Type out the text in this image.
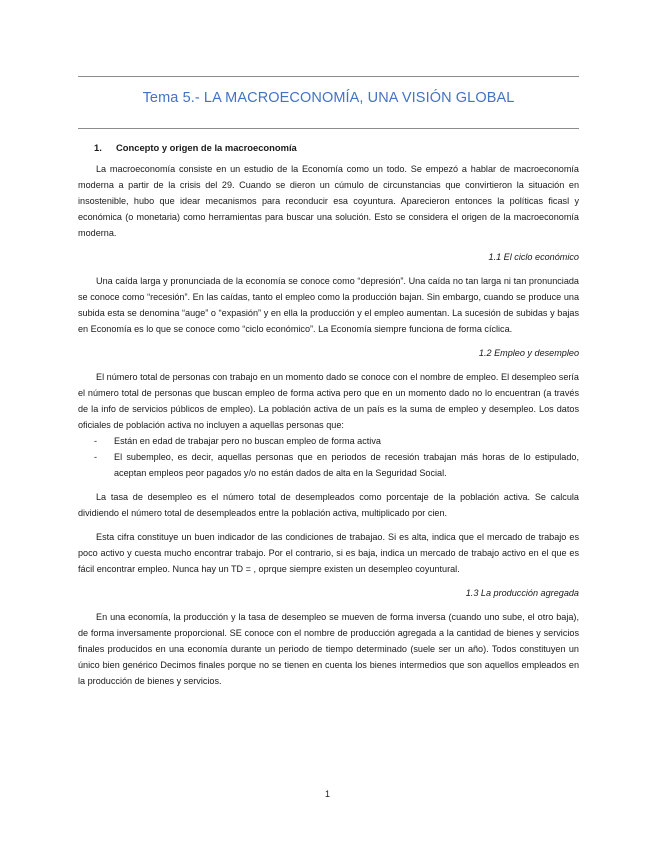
Tema 5.- LA MACROECONOMÍA, UNA VISIÓN GLOBAL
1.	Concepto y origen de la macroeconomía

La macroeconomía consiste en un estudio de la Economía como un todo. Se empezó a hablar de macroeconomía moderna a partir de la crisis del 29. Cuando se dieron un cúmulo de circunstancias que convirtieron la situación en insostenible, hubo que idear mecanismos para reconducir esa coyuntura. Aparecieron entonces la políticas ficasl y económica (o monetaria) como herramientas para buscar una solución. Esto se considera el origen de la macroeconomía moderna.

1.1 El ciclo económico

Una caída larga y pronunciada de la economía se conoce como “depresión”. Una caída no tan larga ni tan pronunciada se conoce como “recesión”. En las caídas, tanto el empleo como la producción bajan. Sin embargo, cuando se produce una subida esta se denomina “auge” o “expasión” y en ella la producción y el empleo aumentan. La sucesión de subidas y bajas en Economía es lo que se conoce como “ciclo económico”. La Economía siempre funciona de forma cíclica.

1.2 Empleo y desempleo

El número total de personas con trabajo en un momento dado se conoce con el nombre de empleo. El desempleo sería el número total de personas que buscan empleo de forma activa pero que en un momento dado no lo encuentran (a través de la info de servicios públicos de empleo). La población activa de un país es la suma de empleo y desempleo. Los datos oficiales de población activa no incluyen a aquellas personas que:

- Están en edad de trabajar pero no buscan empleo de forma activa
- El subempleo, es decir, aquellas personas que en periodos de recesión trabajan más horas de lo estipulado, aceptan empleos peor pagados y/o no están dados de alta en la Seguridad Social.

La tasa de desempleo es el número total de desempleados como porcentaje de la población activa. Se calcula dividiendo el número total de desempleados entre la población activa, multiplicado por cien.

Esta cifra constituye un buen indicador de las condiciones de trabajao. Si es alta, indica que el mercado de trabajo es poco activo y cuesta mucho encontrar trabajo. Por el contrario, si es baja, indica un mercado de trabajo activo en el que es fácil encontrar empleo. Nunca hay un TD = , oprque siempre existen un desempleo coyuntural.

1.3 La producción agregada

En una economía, la producción y la tasa de desempleo se mueven de forma inversa (cuando uno sube, el otro baja), de forma inversamente proporcional. SE conoce con el nombre de producción agregada a la cantidad de bienes y servicios finales producidos en una economía durante un periodo de tiempo determinado (suele ser un año). Todos constituyen un único bien genérico Decimos finales porque no se tienen en cuenta los bienes intermedios que son aquellos empleados en la producción de bienes y servicios.

1
